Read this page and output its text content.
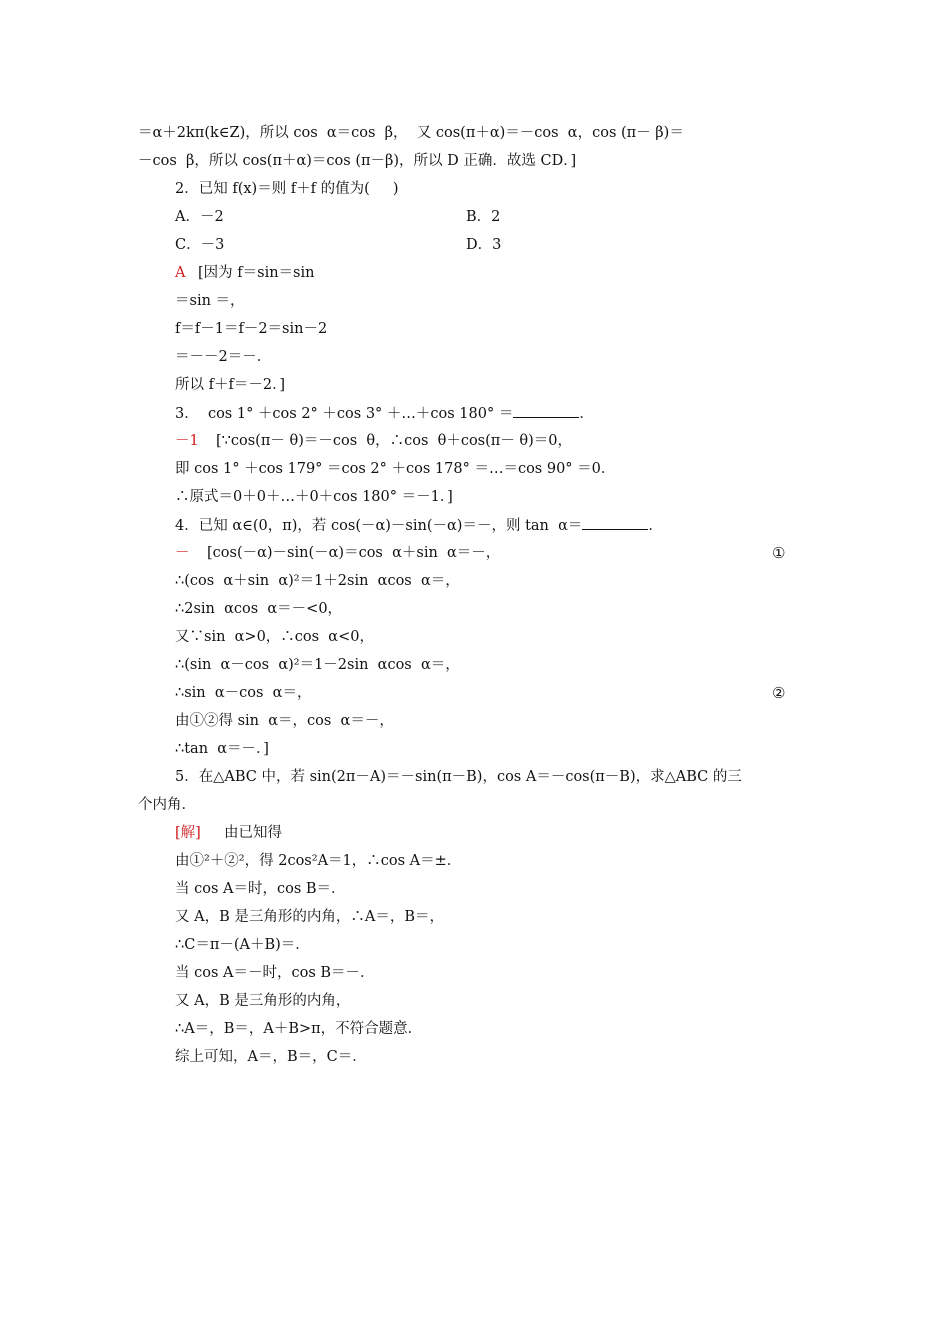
＝α＋2kπ(k∈Z)，所以 cos  α＝cos  β，  又 cos(π＋α)＝－cos  α，cos (π－ β)＝
－cos  β，所以 cos(π＋α)＝cos (π－β)，所以 D 正确．故选 CD．]
2．已知 f(x)＝则 f＋f 的值为(     )
A．－2	B．2
C．－3	D．3
A [因为 f＝sin＝sin
＝sin ＝，
f＝f－1＝f－2＝sin－2
＝－－2＝－．
所以 f＋f＝－2．]
3．  cos 1° ＋cos 2° ＋cos 3° ＋…＋cos 180° ＝	．
－1 [∵cos(π－ θ)＝－cos  θ，∴cos  θ＋cos(π－ θ)＝0，
即 cos 1° ＋cos 179° ＝cos 2° ＋cos 178° ＝…＝cos 90° ＝0．
∴原式＝0＋0＋…＋0＋cos 180° ＝－1．]
4．已知 α∈(0，π)，若 cos(－α)－sin(－α)＝－，则 tan  α＝	．
－ [cos(－α)－sin(－α)＝cos  α＋sin  α＝－，	①
∴(cos  α＋sin  α)²＝1＋2sin  αcos  α＝，
∴2sin  αcos  α＝－<0，
又∵sin  α>0，∴cos  α<0，
∴(sin  α－cos  α)²＝1－2sin  αcos  α＝，
∴sin  α－cos  α＝，	②
由①②得 sin  α＝，cos  α＝－，
∴tan  α＝－．]
5．在△ABC 中，若 sin(2π－A)＝－sin(π－B)，cos A＝－cos(π－B)，求△ABC 的三
个内角．
[解] 由已知得
由①²＋②²，得 2cos²A＝1，∴cos A＝±．
当 cos A＝时，cos B＝．
又 A，B 是三角形的内角，∴A＝，B＝，
∴C＝π－(A＋B)＝．
当 cos A＝－时，cos B＝－．
又 A，B 是三角形的内角，
∴A＝，B＝，A＋B>π，不符合题意．
综上可知，A＝，B＝，C＝．
